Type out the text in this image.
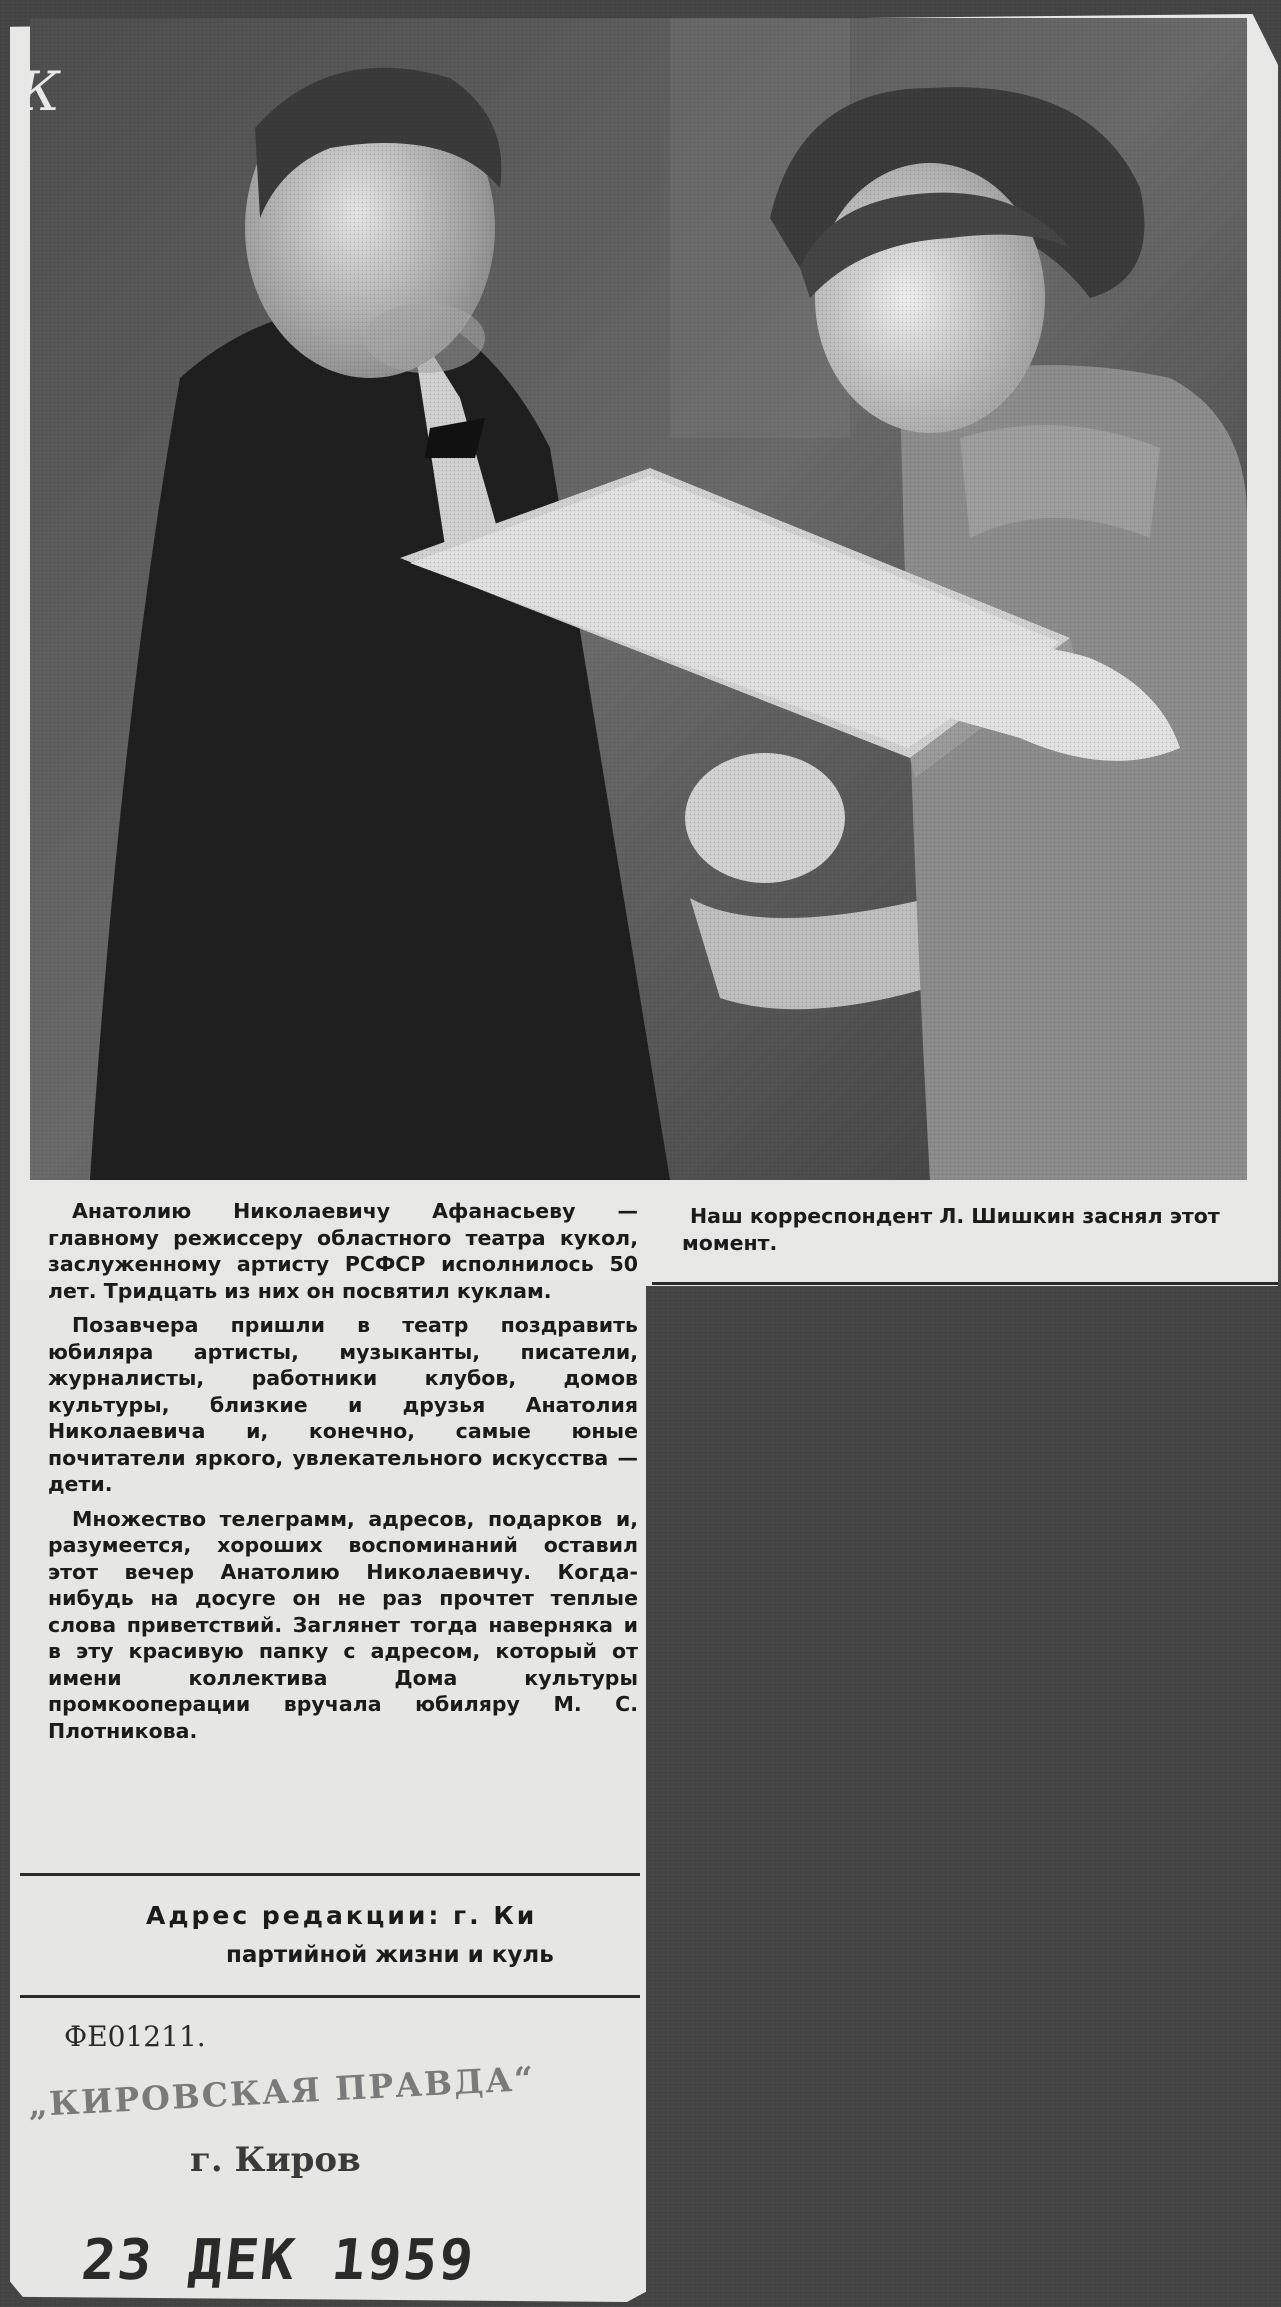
К

Анатолию Николаевичу Афанасьеву — главному режиссеру областного театра кукол, заслуженному артисту РСФСР исполнилось 50 лет. Тридцать из них он посвятил куклам.

Позавчера пришли в театр поздравить юбиляра артисты, музыканты, писатели, журналисты, работники клубов, домов культуры, близкие и друзья Анатолия Николаевича и, конечно, самые юные почитатели яркого, увлекательного искусства — дети.

Множество телеграмм, адресов, подарков и, разумеется, хороших воспоминаний оставил этот вечер Анатолию Николаевичу. Когда-нибудь на досуге он не раз прочтет теплые слова приветствий. Заглянет тогда наверняка и в эту красивую папку с адресом, который от имени коллектива Дома культуры промкооперации вручала юбиляру М. С. Плотникова.

Наш корреспондент Л. Шишкин заснял этот момент.
Адрес редакции: г. Ки
партийной жизни и куль
ФЕ01211.
„КИРОВСКАЯ ПРАВДА“
г. Киров
23 ДЕК 1959
